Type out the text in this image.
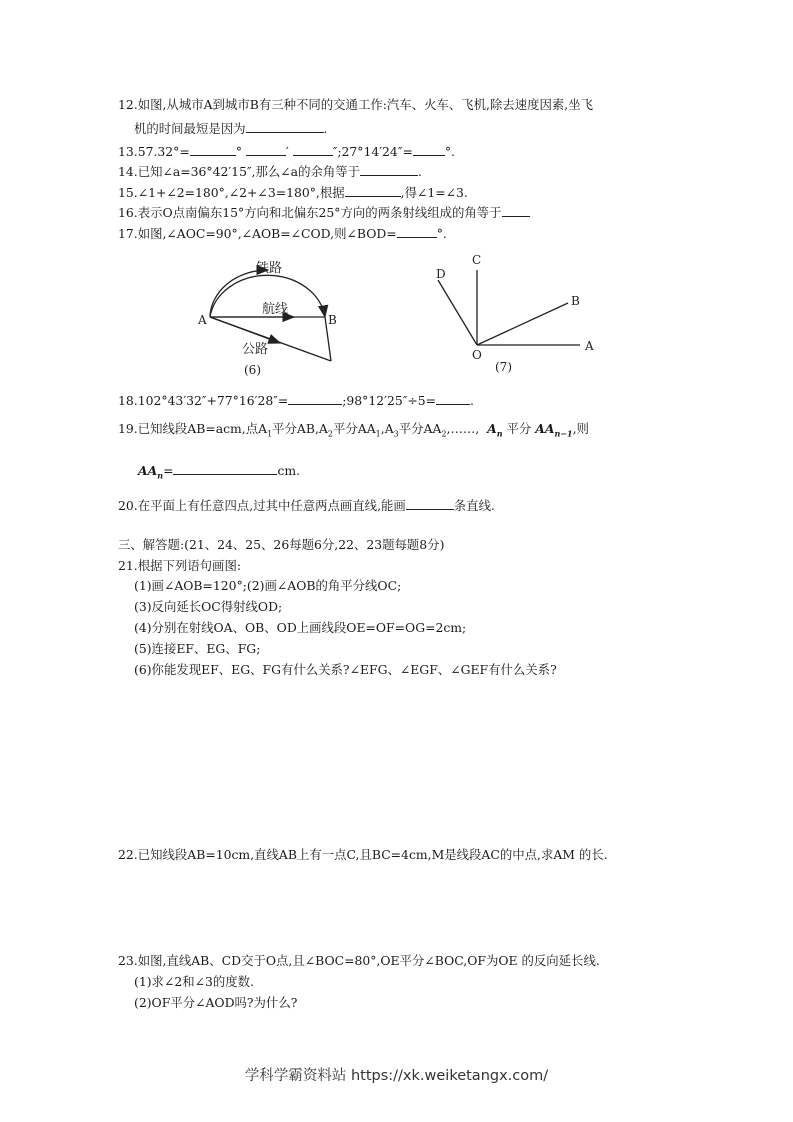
12.如图,从城市A到城市B有三种不同的交通工作:汽车、火车、飞机,除去速度因素,坐飞
机的时间最短是因为	.
13.57.32°=	°	′	″;27°14′24″=	°.
14.已知∠a=36°42′15″,那么∠a的余角等于	.
15.∠1+∠2=180°,∠2+∠3=180°,根据	,得∠1=∠3.
16.表示O点南偏东15°方向和北偏东25°方向的两条射线组成的角等于
17.如图,∠AOC=90°,∠AOB=∠COD,则∠BOD=	°.
铁路
航线
公路
A	B
(6)
C
D
B
O
A
(7)
18.102°43′32″+77°16′28″=	;98°12′25″÷5=	.
19.已知线段AB=acm,点$A_1$平分$AB,A_2$平分$AA_1,A_3$平分$AA_2,\dots\dots$, $A_n$ 平分 $AA_{n-1}$,则
$AA_n=$	cm.
20.在平面上有任意四点,过其中任意两点画直线,能画	条直线.
三、解答题:(21、24、25、26每题6分,22、23题每题8分)
21.根据下列语句画图:
(1)画∠AOB=120°;(2)画∠AOB的角平分线OC;
(3)反向延长OC得射线OD;
(4)分别在射线OA、OB、OD上画线段OE=OF=OG=2cm;
(5)连接EF、EG、FG;
(6)你能发现EF、EG、FG有什么关系?∠EFG、∠EGF、∠GEF有什么关系?
22.已知线段AB=10cm,直线AB上有一点C,且BC=4cm,M是线段AC的中点,求AM 的长.
23.如图,直线AB、CD交于O点,且∠BOC=80°,OE平分∠BOC,OF为OE 的反向延长线.
(1)求∠2和∠3的度数.
(2)OF平分∠AOD吗?为什么?
学科学霸资料站 https://xk.weiketangx.com/
